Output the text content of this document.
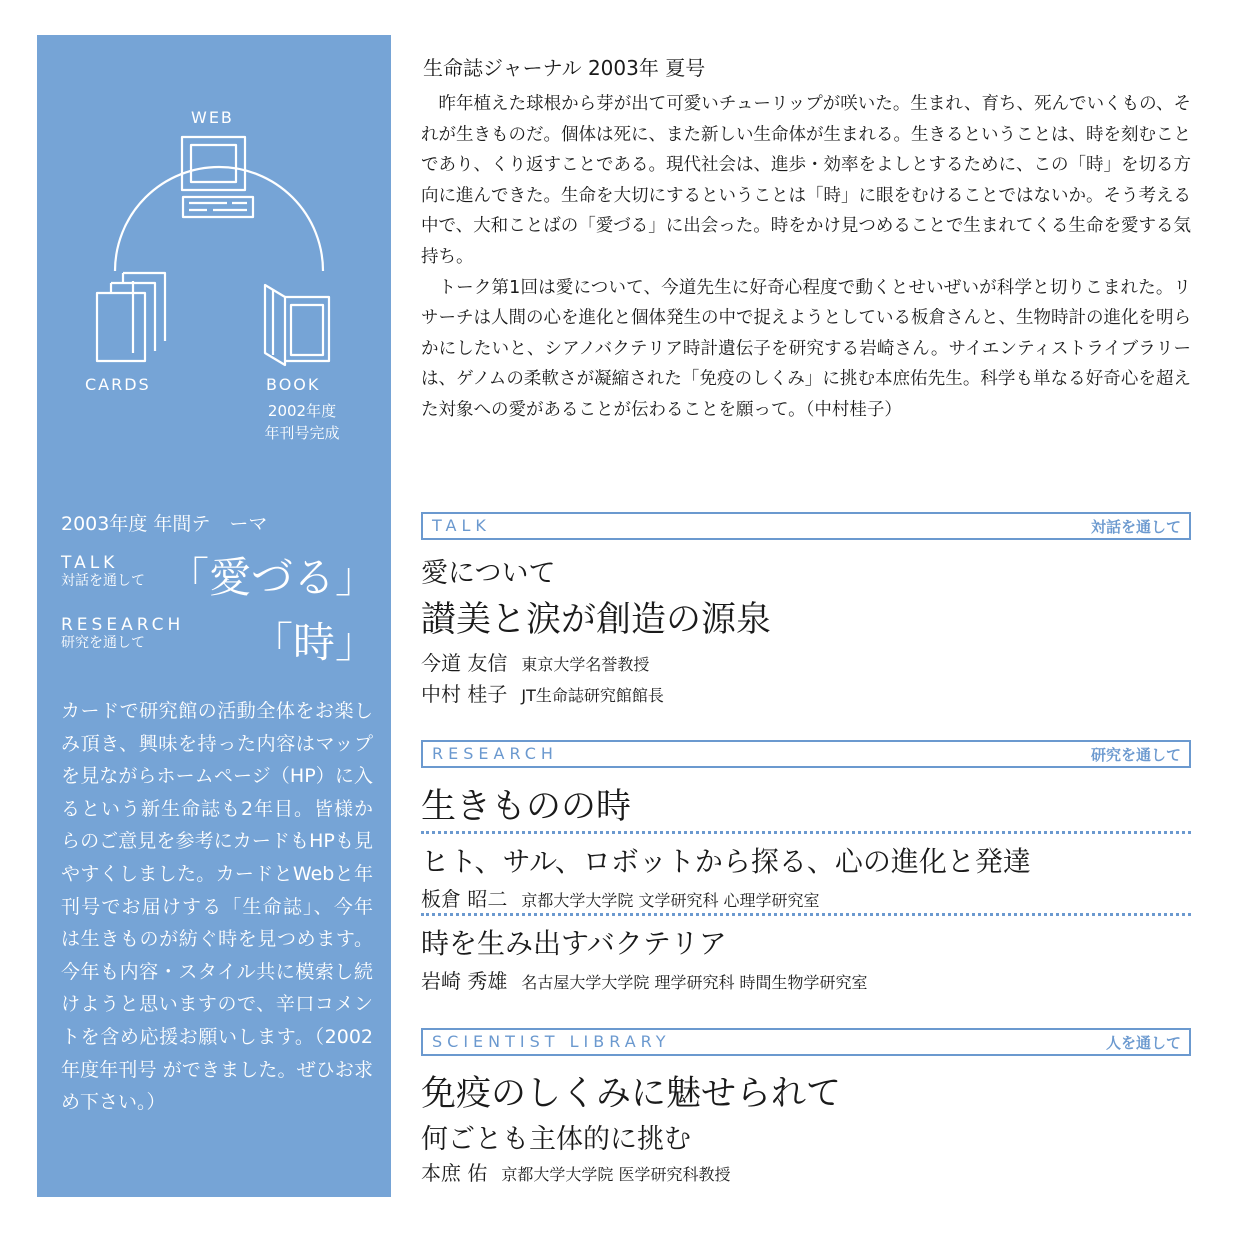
WEB
CARDS	BOOK
2002年度
年刊号完成
2003年度 年間テ　ーマ
TALK
対話を通して 「愛づる」
RESEARCH
研究を通して	「時」
カードで研究館の活動全体をお楽しみ頂き、興味を持った内容はマップを見ながらホームページ（HP）に入るという新生命誌も2年目。皆様からのご意見を参考にカードもHPも見やすくしました。カードとWebと年刊号でお届けする「生命誌」、今年は生きものが紡ぐ時を見つめます。今年も内容・スタイル共に模索し続けようと思いますので、辛口コメントを含め応援お願いします。（2002年度年刊号 ができました。ぜひお求め下さい。）
生命誌ジャーナル 2003年 夏号

昨年植えた球根から芽が出て可愛いチューリップが咲いた。生まれ、育ち、死んでいくもの、それが生きものだ。個体は死に、また新しい生命体が生まれる。生きるということは、時を刻むことであり、くり返すことである。現代社会は、進歩・効率をよしとするために、この「時」を切る方向に進んできた。生命を大切にするということは「時」に眼をむけることではないか。そう考える中で、大和ことばの「愛づる」に出会った。時をかけ見つめることで生まれてくる生命を愛する気持ち。

トーク第1回は愛について、今道先生に好奇心程度で動くとせいぜいが科学と切りこまれた。リサーチは人間の心を進化と個体発生の中で捉えようとしている板倉さんと、生物時計の進化を明らかにしたいと、シアノバクテリア時計遺伝子を研究する岩崎さん。サイエンティストライブラリーは、ゲノムの柔軟さが凝縮された「免疫のしくみ」に挑む本庶佑先生。科学も単なる好奇心を超えた対象への愛があることが伝わることを願って。（中村桂子）

TALK	対話を通して
愛について
讃美と涙が創造の源泉
今道 友信 東京大学名誉教授
中村 桂子 JT生命誌研究館館長
RESEARCH	研究を通して
生きものの時
ヒト、サル、ロボットから探る、心の進化と発達
板倉 昭二 京都大学大学院 文学研究科 心理学研究室
時を生み出すバクテリア
岩崎 秀雄 名古屋大学大学院 理学研究科 時間生物学研究室
SCIENTIST LIBRARY	人を通して
免疫のしくみに魅せられて
何ごとも主体的に挑む
本庶 佑 京都大学大学院 医学研究科教授
